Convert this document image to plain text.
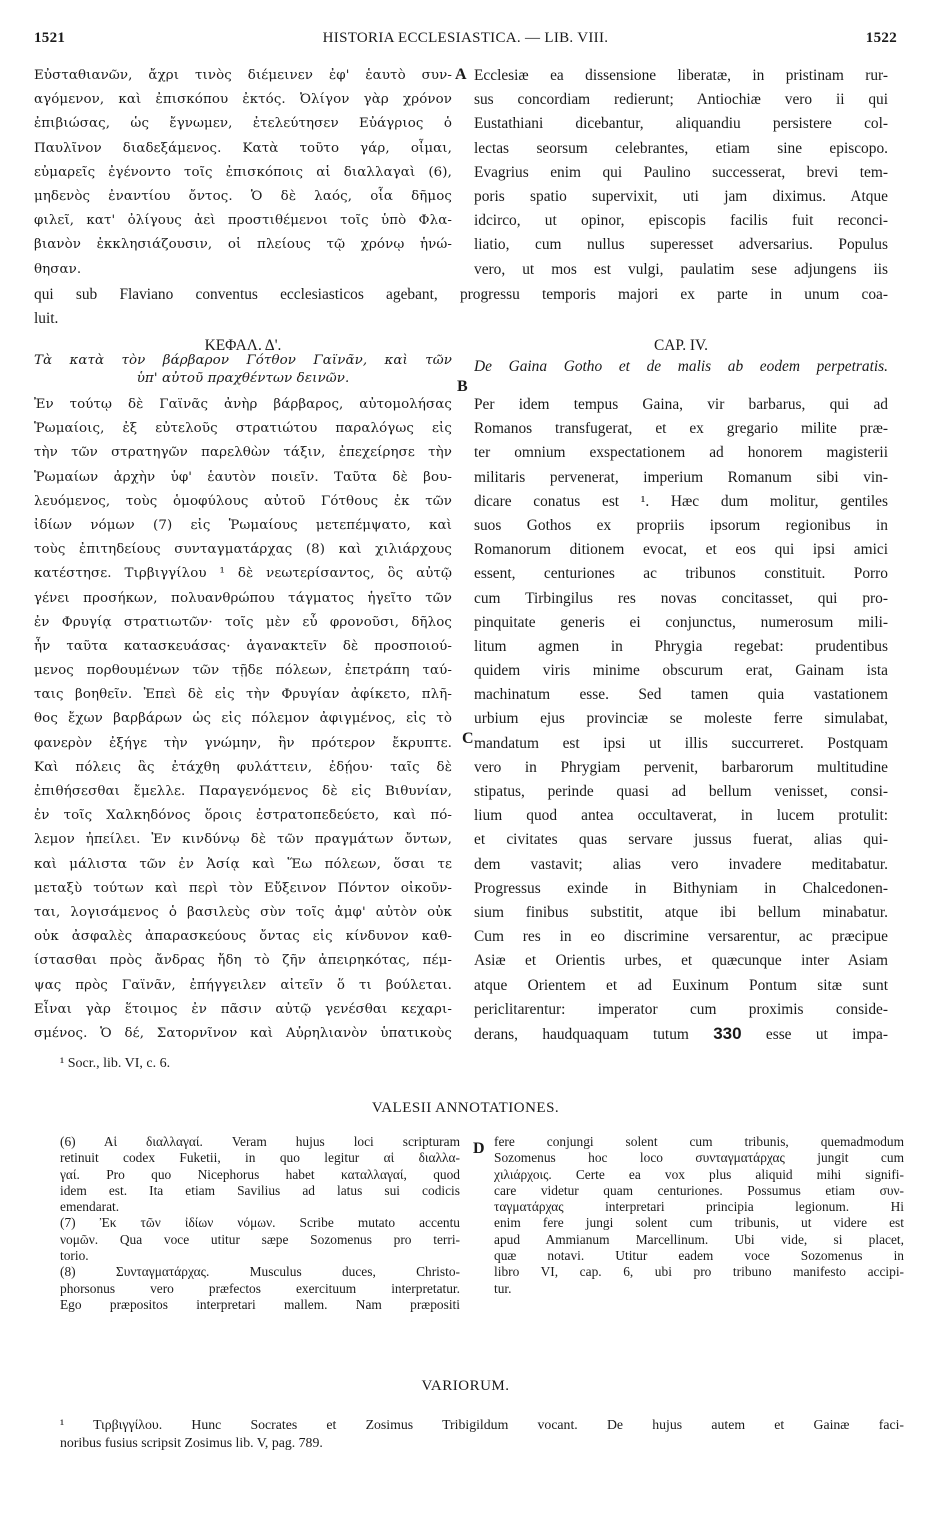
1521	HISTORIA ECCLESIASTICA. — LIB. VIII.	1522
A
B
C
D
Εὐσταθιανῶν, ἄχρι τινὸς διέμεινεν ἐφ' ἑαυτὸ συν-
αγόμενον, καὶ ἐπισκόπου ἐκτός. Ὀλίγον γὰρ χρόνον
ἐπιβιώσας, ὡς ἔγνωμεν, ἐτελεύτησεν Εὐάγριος ὁ
Παυλῖνον διαδεξάμενος. Κατὰ τοῦτο γάρ, οἶμαι,
εὐμαρεῖς ἐγένοντο τοῖς ἐπισκόποις αἱ διαλλαγαὶ (6),
μηδενὸς ἐναντίου ὄντος. Ὁ δὲ λαός, οἷα δῆμος
φιλεῖ, κατ' ὀλίγους ἀεὶ προστιθέμενοι τοῖς ὑπὸ Φλα-
βιανὸν ἐκκλησιάζουσιν, οἱ πλείους τῷ χρόνῳ ἡνώ-
θησαν.
Ecclesiæ ea dissensione liberatæ, in pristinam rur-
sus concordiam redierunt; Antiochiæ vero ii qui
Eustathiani dicebantur, aliquandiu persistere col-
lectas seorsum celebrantes, etiam sine episcopo.
Evagrius enim qui Paulino successerat, brevi tem-
poris spatio supervixit, uti jam diximus. Atque
idcirco, ut opinor, episcopis facilis fuit reconci-
liatio, cum nullus superesset adversarius. Populus
vero, ut mos est vulgi, paulatim sese adjungens iis
qui sub Flaviano conventus ecclesiasticos agebant, progressu temporis majori ex parte in unum coa-
luit.
ΚΕΦΑΛ. Δ'.
Τὰ κατὰ τὸν βάρβαρον Γότθον Γαϊνᾶν, καὶ τῶν
ὑπ' αὐτοῦ πραχθέντων δεινῶν.
CAP. IV.
De Gaina Gotho et de malis ab eodem perpetratis.
Ἐν τούτῳ δὲ Γαϊνᾶς ἀνὴρ βάρβαρος, αὐτομολήσας
Ῥωμαίοις, ἐξ εὐτελοῦς στρατιώτου παραλόγως εἰς
τὴν τῶν στρατηγῶν παρελθὼν τάξιν, ἐπεχείρησε τὴν
Ῥωμαίων ἀρχὴν ὑφ' ἑαυτὸν ποιεῖν. Ταῦτα δὲ βου-
λευόμενος, τοὺς ὁμοφύλους αὐτοῦ Γότθους ἐκ τῶν
ἰδίων νόμων (7) εἰς Ῥωμαίους μετεπέμψατο, καὶ
τοὺς ἐπιτηδείους συνταγματάρχας (8) καὶ χιλιάρχους
κατέστησε. Τιρβιγγίλου ¹ δὲ νεωτερίσαντος, ὃς αὐτῷ
γένει προσήκων, πολυανθρώπου τάγματος ἡγεῖτο τῶν
ἐν Φρυγίᾳ στρατιωτῶν· τοῖς μὲν εὖ φρονοῦσι, δῆλος
ἦν ταῦτα κατασκευάσας· ἀγανακτεῖν δὲ προσποιού-
μενος πορθουμένων τῶν τῇδε πόλεων, ἐπετράπη ταύ-
ταις βοηθεῖν. Ἐπεὶ δὲ εἰς τὴν Φρυγίαν ἀφίκετο, πλῆ-
θος ἔχων βαρβάρων ὡς εἰς πόλεμον ἀφιγμένος, εἰς τὸ
φανερὸν ἐξήγε τὴν γνώμην, ἣν πρότερον ἔκρυπτε.
Καὶ πόλεις ἃς ἐτάχθη φυλάττειν, ἐδῄου· ταῖς δὲ
ἐπιθήσεσθαι ἔμελλε. Παραγενόμενος δὲ εἰς Βιθυνίαν,
ἐν τοῖς Χαλκηδόνος ὅροις ἐστρατοπεδεύετο, καὶ πό-
λεμον ἠπείλει. Ἐν κινδύνῳ δὲ τῶν πραγμάτων ὄντων,
καὶ μάλιστα τῶν ἐν Ἀσίᾳ καὶ Ἕω πόλεων, ὅσαι τε
μεταξὺ τούτων καὶ περὶ τὸν Εὔξεινον Πόντον οἰκοῦν-
ται, λογισάμενος ὁ βασιλεὺς σὺν τοῖς ἀμφ' αὐτὸν οὐκ
οὐκ ἀσφαλὲς ἀπαρασκεύους ὄντας εἰς κίνδυνον καθ-
ίστασθαι πρὸς ἄνδρας ἤδη τὸ ζῆν ἀπειρηκότας, πέμ-
ψας πρὸς Γαϊνᾶν, ἐπήγγειλεν αἰτεῖν ὅ τι βούλεται.
Εἶναι γὰρ ἕτοιμος ἐν πᾶσιν αὐτῷ γενέσθαι κεχαρι-
σμένος. Ὁ δέ, Σατορνῖνον καὶ Αὐρηλιανὸν ὑπατικοὺς
Per idem tempus Gaina, vir barbarus, qui ad
Romanos transfugerat, et ex gregario milite præ-
ter omnium exspectationem ad honorem magisterii
militaris pervenerat, imperium Romanum sibi vin-
dicare conatus est ¹. Hæc dum molitur, gentiles
suos Gothos ex propriis ipsorum regionibus in
Romanorum ditionem evocat, et eos qui ipsi amici
essent, centuriones ac tribunos constituit. Porro
cum Tirbingilus res novas concitasset, qui pro-
pinquitate generis ei conjunctus, numerosum mili-
litum agmen in Phrygia regebat: prudentibus
quidem viris minime obscurum erat, Gainam ista
machinatum esse. Sed tamen quia vastationem
urbium ejus provinciæ se moleste ferre simulabat,
mandatum est ipsi ut illis succurreret. Postquam
vero in Phrygiam pervenit, barbarorum multitudine
stipatus, perinde quasi ad bellum venisset, consi-
lium quod antea occultaverat, in lucem protulit:
et civitates quas servare jussus fuerat, alias qui-
dem vastavit; alias vero invadere meditabatur.
Progressus exinde in Bithyniam in Chalcedonen-
sium finibus substitit, atque ibi bellum minabatur.
Cum res in eo discrimine versarentur, ac præcipue
Asiæ et Orientis urbes, et quæcunque inter Asiam
atque Orientem et ad Euxinum Pontum sitæ sunt
periclitarentur: imperator cum proximis conside-
derans, haudquaquam tutum 330 esse ut impa-
¹ Socr., lib. VI, c. 6.
VALESII ANNOTATIONES.
(6) Αἱ διαλλαγαί. Veram hujus loci scripturam
retinuit codex Fuketii, in quo legitur αἱ διαλλα-
γαί. Pro quo Nicephorus habet καταλλαγαί, quod
idem est. Ita etiam Savilius ad latus sui codicis
emendarat.
(7) Ἐκ τῶν ἰδίων νόμων. Scribe mutato accentu
νομῶν. Qua voce utitur sæpe Sozomenus pro terri-
torio.
(8) Συνταγματάρχας. Musculus duces, Christo-
phorsonus vero præfectos exercituum interpretatur.
Ego præpositos interpretari mallem. Nam præpositi
fere conjungi solent cum tribunis, quemadmodum
Sozomenus hoc loco συνταγματάρχας jungit cum
χιλιάρχοις. Certe ea vox plus aliquid mihi signifi-
care videtur quam centuriones. Possumus etiam συν-
ταγματάρχας interpretari principia legionum. Hi
enim fere jungi solent cum tribunis, ut videre est
apud Ammianum Marcellinum. Ubi vide, si placet,
quæ notavi. Utitur eadem voce Sozomenus in
libro VI, cap. 6, ubi pro tribuno manifesto accipi-
tur.
VARIORUM.
¹ Τιρβιγγίλου. Hunc Socrates et Zosimus Tribigildum vocant. De hujus autem et Gainæ faci-
noribus fusius scripsit Zosimus lib. V, pag. 789.
